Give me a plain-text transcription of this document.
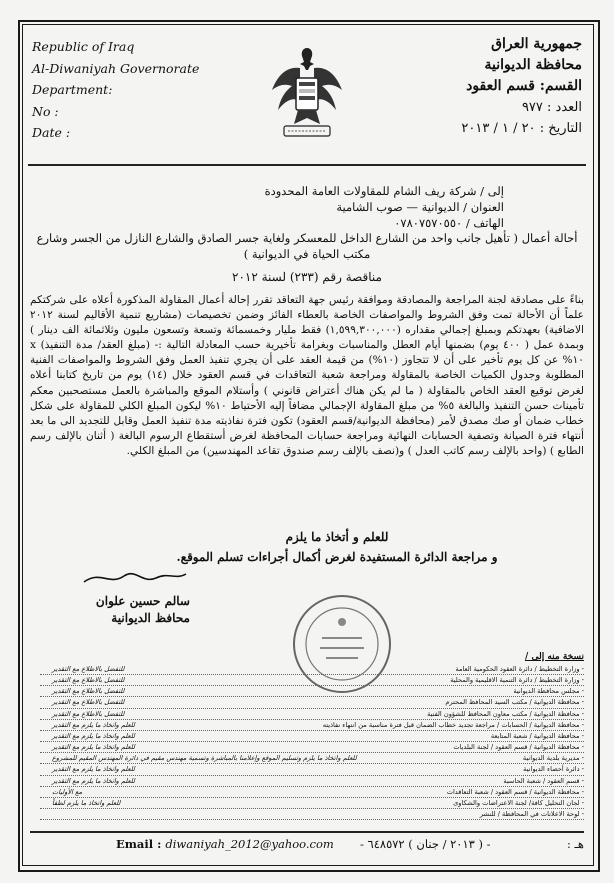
Republic of Iraq
Al-Diwaniyah Governorate
Department:
No :
Date :
جمهورية العراق
محافظة الديوانية
القسم: قسم العقود
العدد : ٩٧٧
التاريخ : ٢٠ / ١ / ٢٠١٣
إلى / شركة ريف الشام للمقاولات العامة المحدودة
العنوان / الديوانية — صوب الشامية
الهاتف / ٠٧٨٠٧٥٧٠٥٥٠
أحالة أعمال ( تأهيل جانب واحد من الشارع الداخل للمعسكر ولغاية جسر الصادق والشارع النازل من الجسر وشارع مكتب الحياة في الديوانية )
مناقصة رقم (٢٣٣) لسنة ٢٠١٢
بناءً على مصادقة لجنة المراجعة والمصادقة وموافقة رئيس جهة التعاقد تقرر إحالة أعمال المقاولة المذكورة أعلاه على شركتكم علماً أن الأحالة تمت وفق الشروط والمواصفات الخاصة بالعطاء الفائز وضمن تخصيصات (مشاريع تنمية الأقاليم لسنة ٢٠١٢ الاضافية) بعهدتكم وبمبلغ إجمالي مقداره (١,٥٩٩,٣٠٠,٠٠٠) فقط مليار وخمسمائة وتسعة وتسعون مليون وثلاثمائة الف دينار ) وبمدة عمل ( ٤٠٠ يوم) بضمنها أيام العطل والمناسبات وبغرامة تأخيرية حسب المعادلة التالية :- (مبلغ العقد/ مدة التنفيذ) x ١٠% عن كل يوم تأخير على أن لا تتجاوز (١٠%) من قيمة العقد على أن يجري تنفيذ العمل وفق الشروط والمواصفات الفنية المطلوبة وجدول الكميات الخاصة بالمقاولة ومراجعة شعبة التعاقدات في قسم العقود خلال (١٤) يوم من تاريخ كتابنا أعلاه لغرض توقيع العقد الخاص بالمقاولة ( ما لم يكن هناك أعتراض قانوني ) وأستلام الموقع والمباشرة بالعمل مستصحبين معكم تأمينات حسن التنفيذ والبالغة ٥% من مبلغ المقاولة الإجمالي مضافاً إليه الأحتياط ١٠% ليكون المبلغ الكلي للمقاولة على شكل خطاب ضمان أو صك مصدق لأمر (محافظة الديوانية/قسم العقود) تكون فترة نفاذيته مدة تنفيذ العمل وقابل للتجديد الى ما بعد أنتهاء فترة الصيانة وتصفية الحسابات النهائية ومراجعة حسابات المحافظة لغرض أستقطاع الرسوم البالغة ( أثنان بالإلف رسم الطابع ) (واحد بالإلف رسم كاتب العدل ) و(نصف بالإلف رسم صندوق تقاعد المهندسين) من المبلغ الكلي.
للعلم و أتخاذ ما يلزم
و مراجعة الدائرة المستفيدة لغرض أكمال أجراءات تسلم الموقع.
سالم حسين علوان
محافظ الديوانية
نسخة منه إلى /
- وزارة التخطيط / دائرة العقود الحكومية العامة
للتفضل بالاطلاع مع التقدير
- وزارة التخطيط / دائرة التنمية الاقليمية والمحلية
للتفضل بالاطلاع مع التقدير
- مجلس محافظة الديوانية
للتفضل بالاطلاع مع التقدير
- محافظة الديوانية / مكتب السيد المحافظ المحترم
للتفضل بالاطلاع مع التقدير
- محافظة الديوانية / مكتب معاون المحافظ للشؤون الفنية
للتفضل بالاطلاع مع التقدير
- محافظة الديوانية / الحسابات / مراجعة تجديد خطاب الضمان قبل فترة مناسبة من انتهاء نفاذيته
للعلم واتخاذ ما يلزم مع التقدير
- محافظة الديوانية / شعبة المتابعة
للعلم واتخاذ ما يلزم مع التقدير
- محافظة الديوانية / قسم العقود / لجنة البلديات
للعلم واتخاذ ما يلزم مع التقدير
- مديرية بلدية الديوانية
للعلم واتخاذ ما يلزم وتسليم الموقع وإعلامنا بالمباشرة وتسمية مهندس مقيم في دائرة المهندس المقيم للمشروع
- دائرة أحصاء الديوانية
للعلم واتخاذ ما يلزم مع التقدير
- قسم العقود / شعبة الحاسبة
للعلم واتخاذ ما يلزم مع التقدير
- محافظة الديوانية / قسم العقود / شعبة التعاقدات
مع الأوليات
- لجان التحليل كافة/ لجنة الاعتراضات والشكاوى
للعلم واتخاذ ما يلزم لطفاً
- لوحة الاعلانات في المحافظة / للنشر
Email : diwaniyah_2012@yahoo.com - ( ٢٠١٣ / جنان ) ٦٤٨٥٧٢ -	هـ :
